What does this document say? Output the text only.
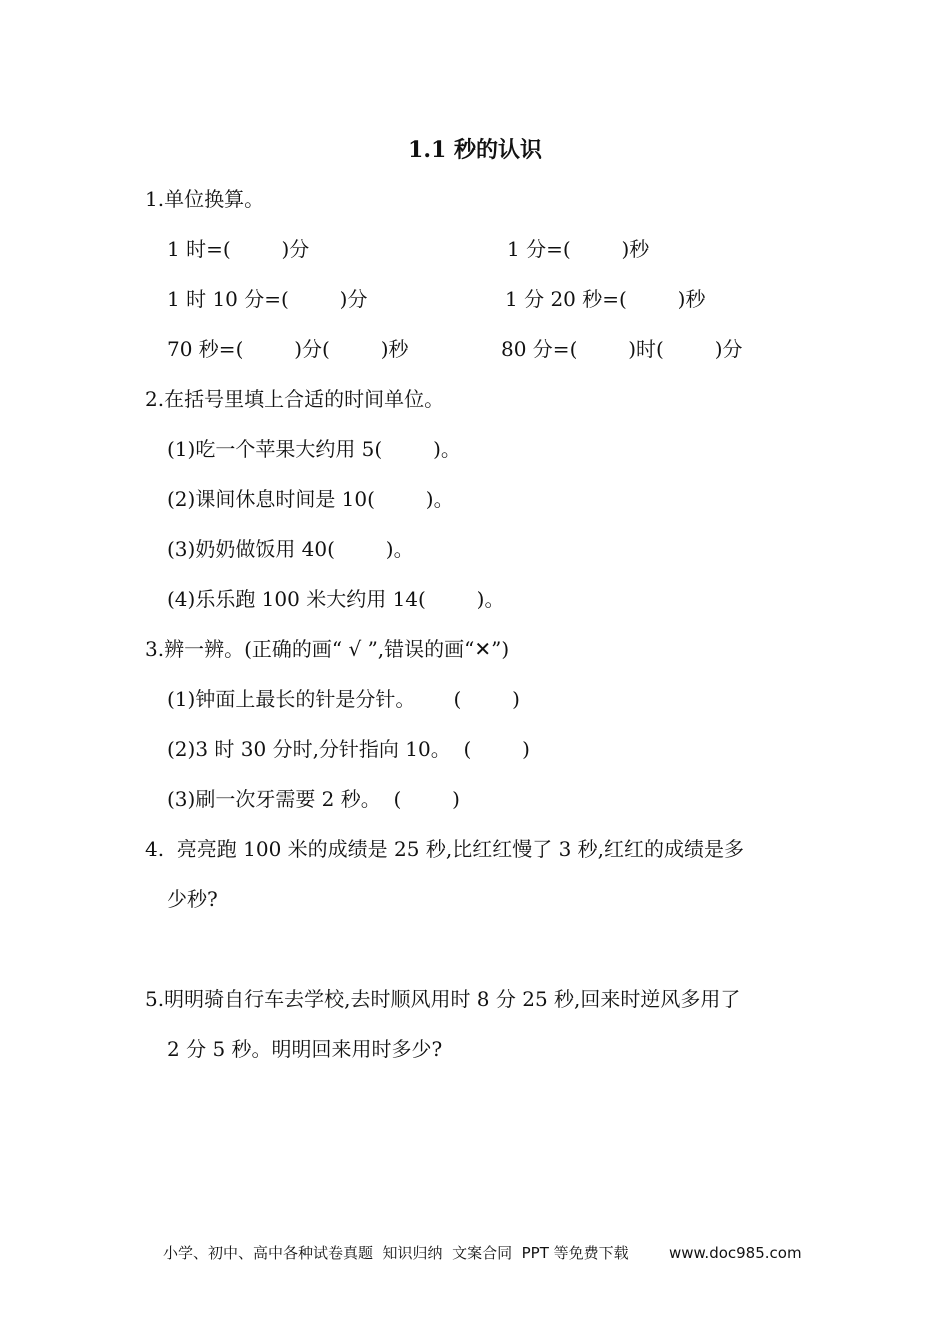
1.1 秒的认识
1.单位换算。
1 时=(        )分	1 分=(        )秒
1 时 10 分=(        )分	1 分 20 秒=(        )秒
70 秒=(        )分(        )秒	80 分=(        )时(        )分
2.在括号里填上合适的时间单位。
(1)吃一个苹果大约用 5(        )。
(2)课间休息时间是 10(        )。
(3)奶奶做饭用 40(        )。
(4)乐乐跑 100 米大约用 14(        )。
3.辨一辨。(正确的画“ √ ”,错误的画“✕”)
(1)钟面上最长的针是分针。      (        )
(2)3 时 30 分时,分针指向 10。  (        )
(3)刷一次牙需要 2 秒。  (        )
4.  亮亮跑 100 米的成绩是 25 秒,比红红慢了 3 秒,红红的成绩是多
少秒?
5.明明骑自行车去学校,去时顺风用时 8 分 25 秒,回来时逆风多用了
2 分 5 秒。明明回来用时多少?
小学、初中、高中各种试卷真题  知识归纳  文案合同  PPT 等免费下载	www.doc985.com
